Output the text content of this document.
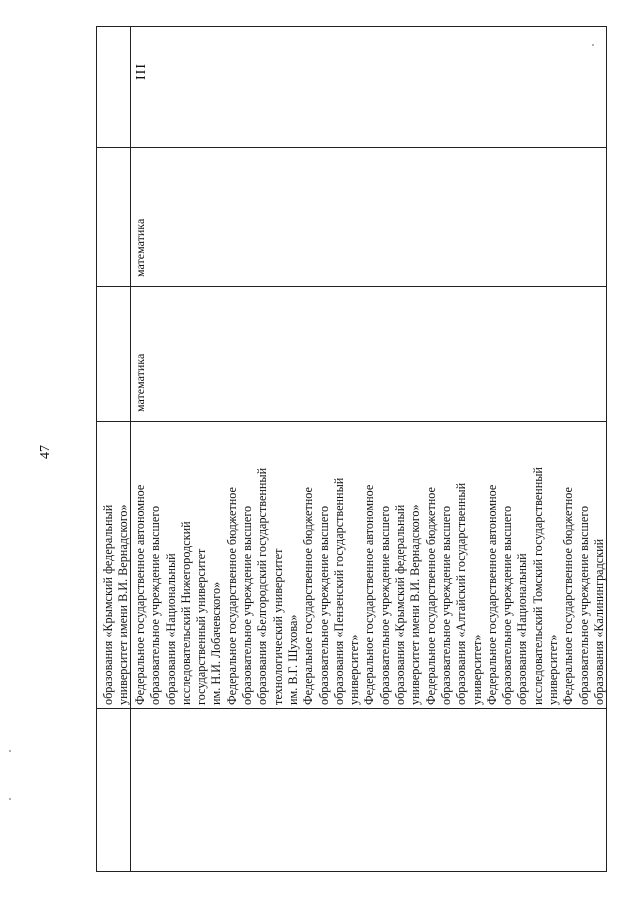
47
образования «Крымский федеральный университет имени В.И. Вернадского» Федеральное государственное автономное образовательное учреждение высшего образования «Национальный исследовательский Нижегородский государственный университет им. Н.И. Лобачевского» Федеральное государственное бюджетное образовательное учреждение высшего образования «Белгородский государственный технологический университет им. В.Г. Шухова» Федеральное государственное бюджетное образовательное учреждение высшего образования «Пензенский государственный университет» Федеральное государственное автономное образовательное учреждение высшего образования «Крымский федеральный университет имени В.И. Вернадского» Федеральное государственное бюджетное образовательное учреждение высшего образования «Алтайский государственный университет» Федеральное государственное автономное образовательное учреждение высшего образования «Национальный исследовательский Томский государственный университет» Федеральное государственное бюджетное образовательное учреждение высшего образования «Калининградский
математика
математика
III
